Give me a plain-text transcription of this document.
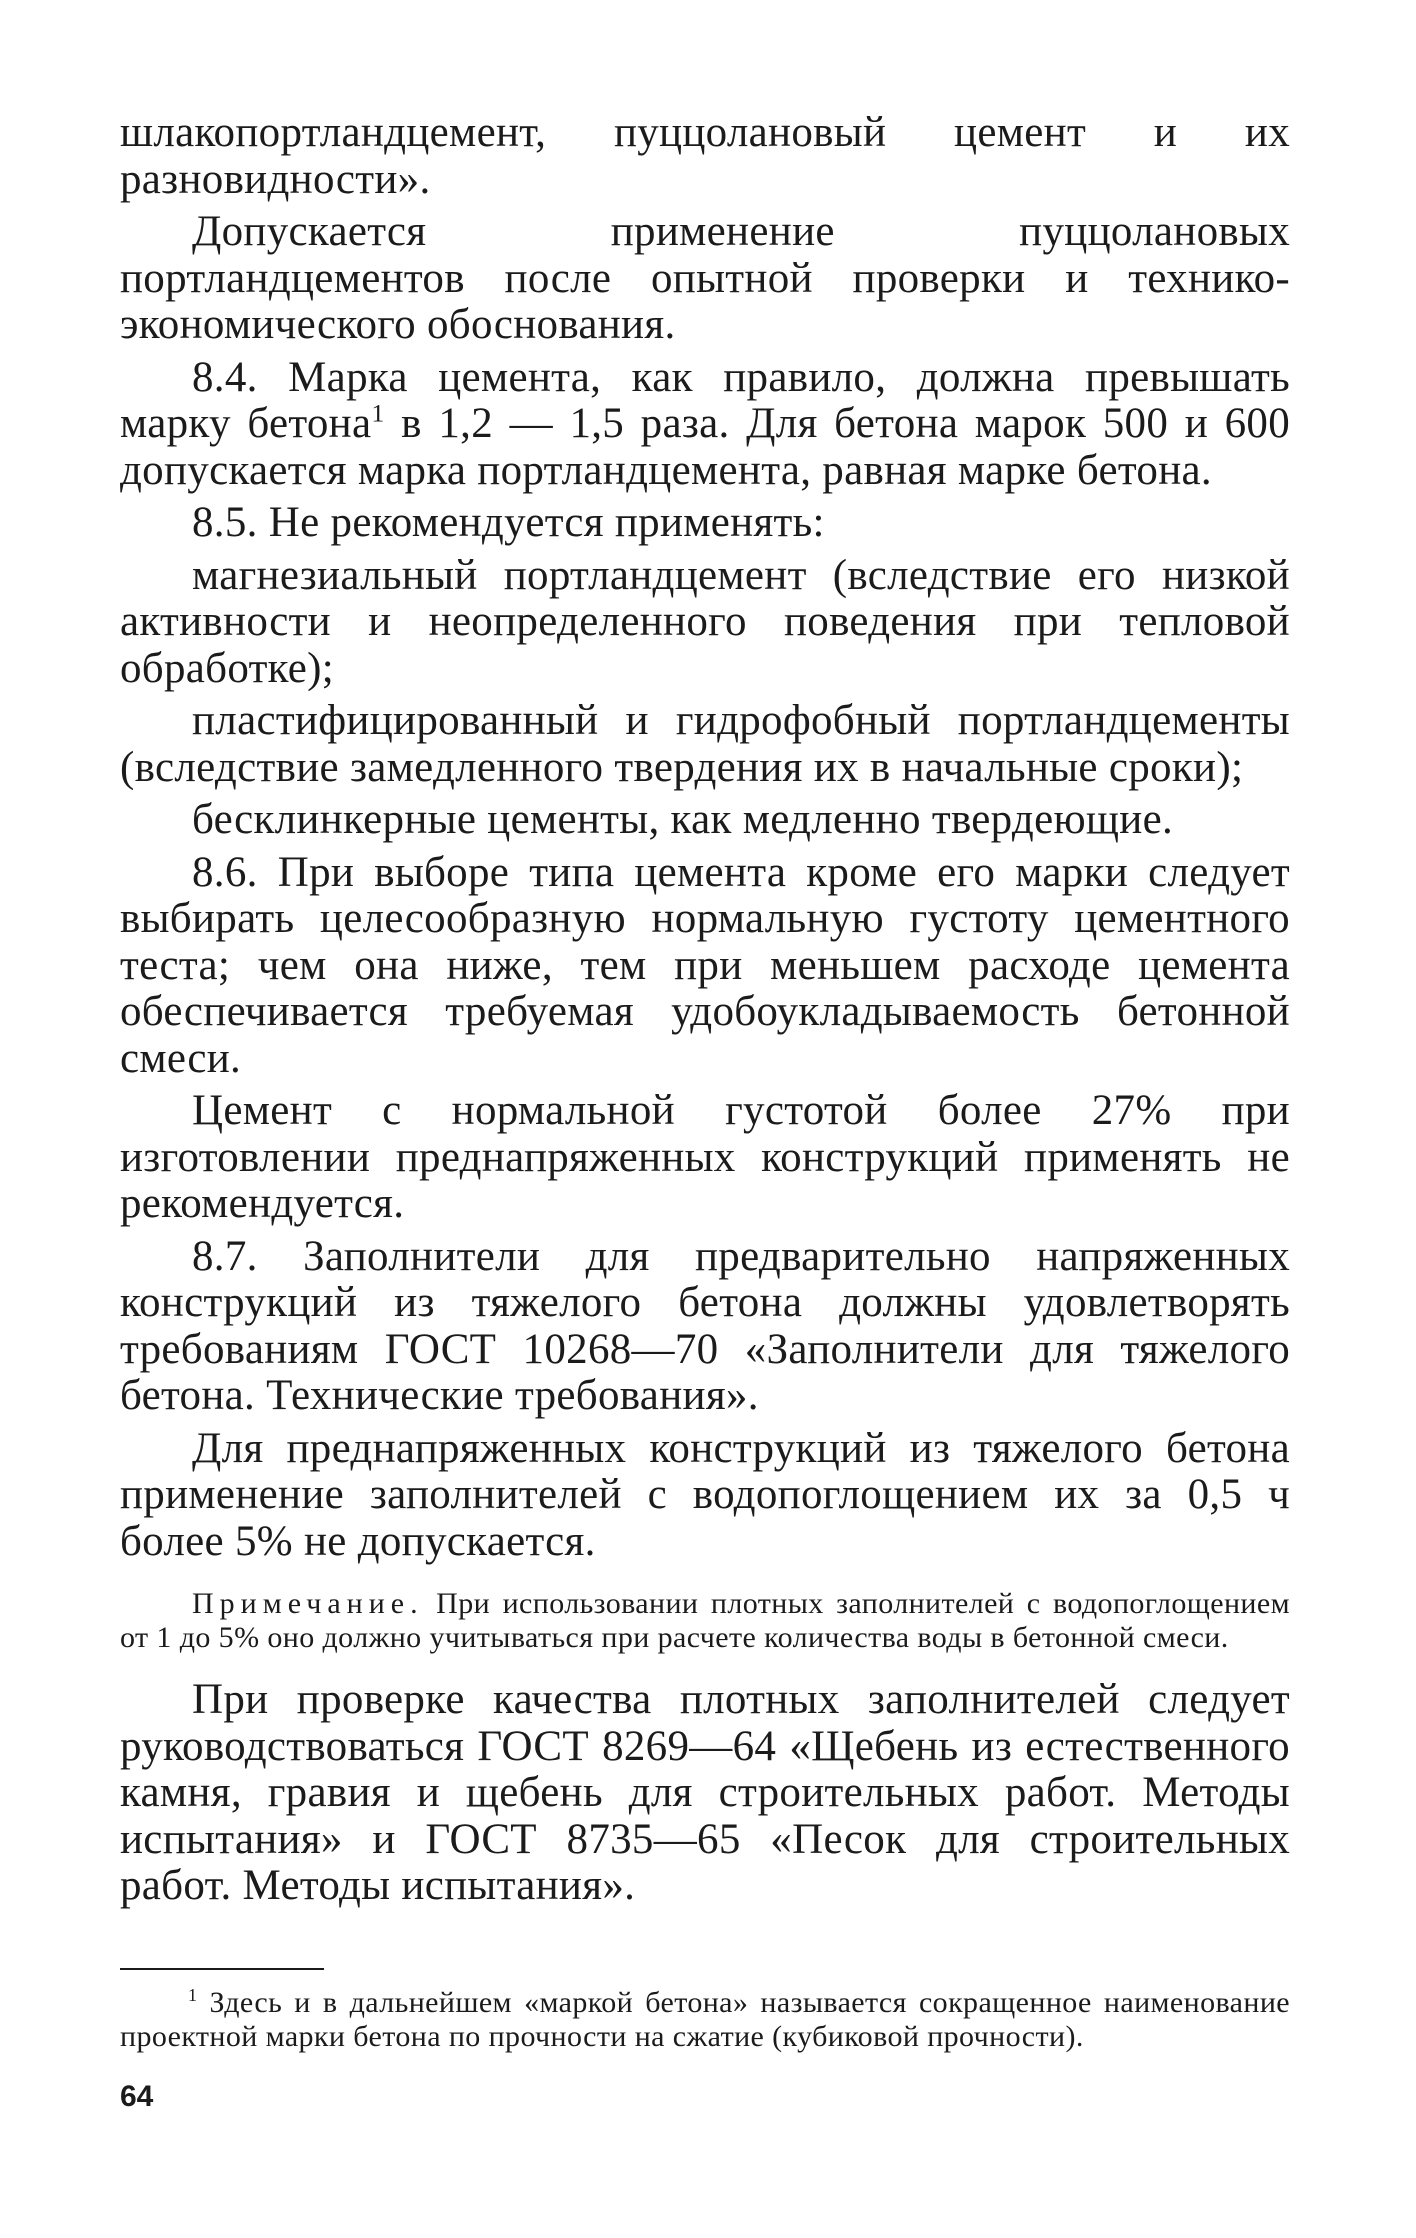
шлакопортландцемент, пуццолановый цемент и их разновидности».

Допускается применение пуццолановых портландцементов после опытной проверки и технико-экономического обоснования.

8.4. Марка цемента, как правило, должна превышать марку бетона$^1$ в 1,2 — 1,5 раза. Для бетона марок 500 и 600 допускается марка портландцемента, равная марке бетона.

8.5. Не рекомендуется применять:

магнезиальный портландцемент (вследствие его низкой активности и неопределенного поведения при тепловой обработке);

пластифицированный и гидрофобный портландцементы (вследствие замедленного твердения их в начальные сроки);

бесклинкерные цементы, как медленно твердеющие.

8.6. При выборе типа цемента кроме его марки следует выбирать целесообразную нормальную густоту цементного теста; чем она ниже, тем при меньшем расходе цемента обеспечивается требуемая удобоукладываемость бетонной смеси.

Цемент с нормальной густотой более 27% при изготовлении преднапряженных конструкций применять не рекомендуется.

8.7. Заполнители для предварительно напряженных конструкций из тяжелого бетона должны удовлетворять требованиям ГОСТ 10268—70 «Заполнители для тяжелого бетона. Технические требования».

Для преднапряженных конструкций из тяжелого бетона применение заполнителей с водопоглощением их за 0,5 ч более 5% не допускается.

Примечание. При использовании плотных заполнителей с водопоглощением от 1 до 5% оно должно учитываться при расчете количества воды в бетонной смеси.

При проверке качества плотных заполнителей следует руководствоваться ГОСТ 8269—64 «Щебень из естественного камня, гравия и щебень для строительных работ. Методы испытания» и ГОСТ 8735—65 «Песок для строительных работ. Методы испытания».

$^1$ Здесь и в дальнейшем «маркой бетона» называется сокращенное наименование проектной марки бетона по прочности на сжатие (кубиковой прочности).

64
